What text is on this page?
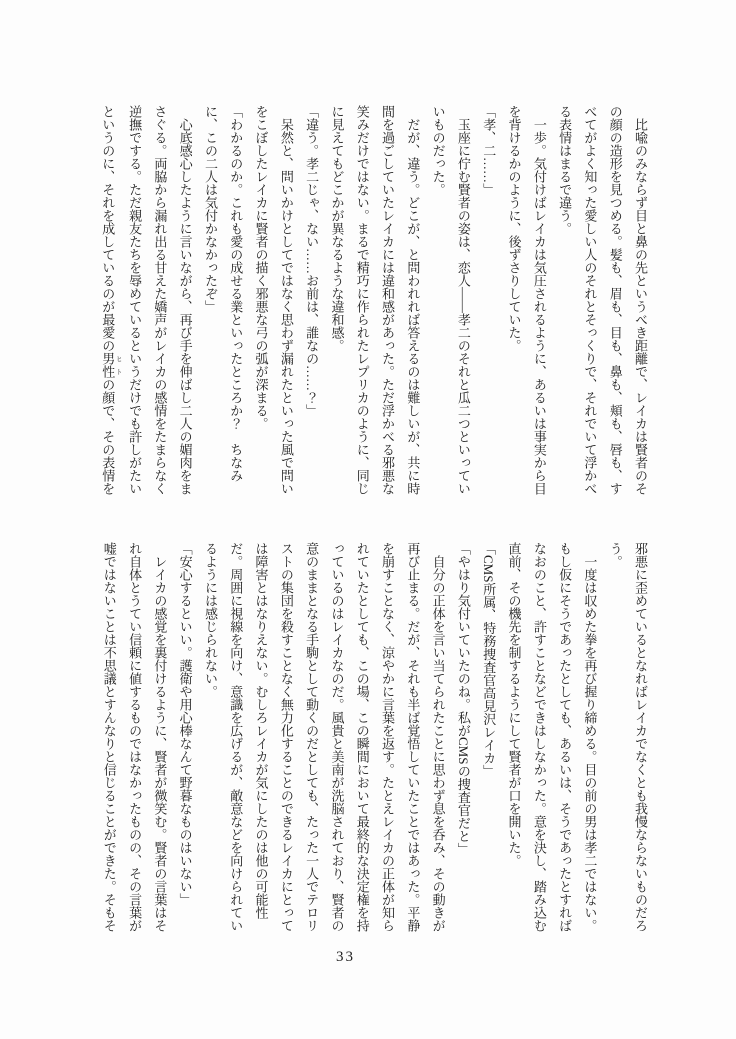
比喩のみならず目と鼻の先というべき距離で、レイカは賢者のそ
の顔の造形を見つめる。髪も、眉も、目も、鼻も、頬も、唇も、す
べてがよく知った愛しい人のそれとそっくりで、それでいて浮かべ
る表情はまるで違う。
一歩。気付けばレイカは気圧されるように、あるいは事実から目
を背けるかのように、後ずさりしていた。
「孝、二……」
玉座に佇む賢者の姿は、恋人――孝二のそれと瓜二つといってい
いものだった。
だが、違う。どこが、と問われれば答えるのは難しいが、共に時
間を過ごしていたレイカには違和感があった。ただ浮かべる邪悪な
笑みだけではない。まるで精巧に作られたレプリカのように、同じ
に見えてもどこかが異なるような違和感。
「違う。孝二じゃ、ない……お前は、誰なの……？」
呆然と、問いかけとしてではなく思わず漏れたといった風で問い
をこぼしたレイカに賢者の描く邪悪な弓の弧が深まる。
「わかるのか。これも愛の成せる業といったところか？　ちなみ
に、この二人は気付かなかったぞ」
心底感心したように言いながら、再び手を伸ばし二人の媚肉をま
さぐる。両脇から漏れ出る甘えた嬌声がレイカの感情をたまらなく
逆撫でする。ただ親友たちを辱めているというだけでも許しがたい
というのに、それを成しているのが最愛の男性 ヒトの顔で、その表情を
邪悪に歪めているとなればレイカでなくとも我慢ならないものだろ
う。
一度は収めた拳を再び握り締める。目の前の男は孝二ではない。
もし仮にそうであったとしても、あるいは、そうであったとすれば
なおのこと、許すことなどできはしなかった。意を決し、踏み込む
直前、その機先を制するようにして賢者が口を開いた。
「CMS所属、特務捜査官高見沢レイカ」
「やはり気付いていたのね。私がCMSの捜査官だと」
自分の正体を言い当てられたことに思わず息を呑み、その動きが
再び止まる。だが、それも半ば覚悟していたことではあった。平静
を崩すことなく、涼やかに言葉を返す。たとえレイカの正体が知ら
れていたとしても、この場、この瞬間において最終的な決定権を持
っているのはレイカなのだ。風貴と美南が洗脳されており、賢者の
意のままとなる手駒として動くのだとしても、たった一人でテロリ
ストの集団を殺すことなく無力化することのできるレイカにとって
は障害とはなりえない。むしろレイカが気にしたのは他の可能性
だ。周囲に視線を向け、意識を広げるが、敵意などを向けられてい
るようには感じられない。
「安心するといい。護衛や用心棒なんて野暮なものはいない」
レイカの感覚を裏付けるように、賢者が微笑む。賢者の言葉はそ
れ自体とうてい信頼に値するものではなかったものの、その言葉が
嘘ではないことは不思議とすんなりと信じることができた。そもそ
33
